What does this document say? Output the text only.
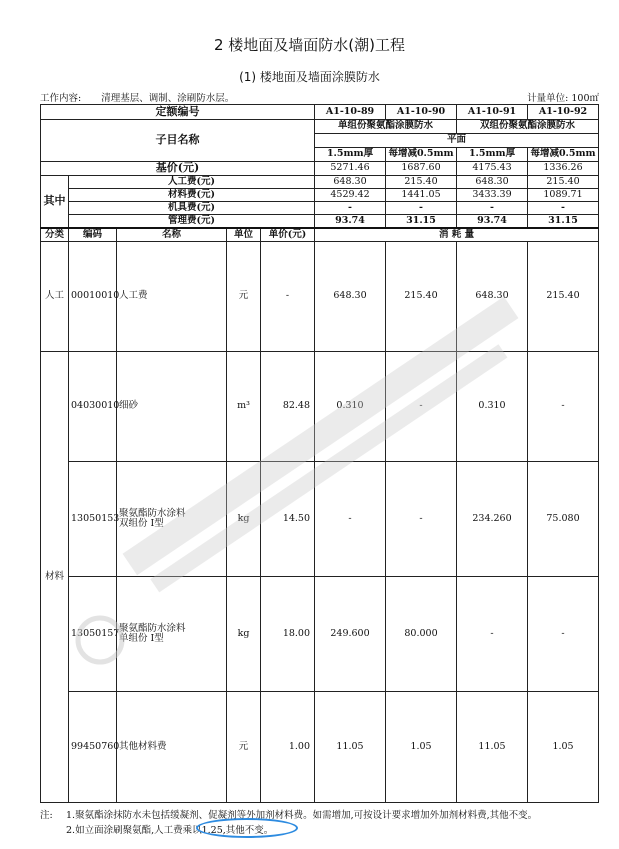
2 楼地面及墙面防水(潮)工程
(1) 楼地面及墙面涂膜防水
工作内容: 清理基层、调制、涂刷防水层。	计量单位: 100㎡
定额编号					A1-10-89	A1-10-90	A1-10-91	A1-10-92
子目名称					单组份聚氨酯涂膜防水		双组份聚氨酯涂膜防水	
					平面			
					1.5mm厚	每增减0.5mm	1.5mm厚	每增减0.5mm
基价(元)					5271.46	1687.60	4175.43	1336.26
其中	人工费(元)				648.30	215.40	648.30	215.40
	材料费(元)				4529.42	1441.05	3433.39	1089.71
	机具费(元)				-	-	-	-
	管理费(元)				93.74	31.15	93.74	31.15
分类	编码	名称	单位	单价(元)	消 耗 量			
人工	00010010	人工费	元	-	648.30	215.40	648.30	215.40
材料	04030010	细砂	m³	82.48	0.310	-	0.310	-
	13050153	聚氨酯防水涂料
双组份 I型	kg	14.50	-	-	234.260	75.080
	13050157	聚氨酯防水涂料
单组份 I型	kg	18.00	249.600	80.000	-	-
	99450760	其他材料费	元	1.00	11.05	1.05	11.05	1.05
注: 1.聚氨酯涂抹防水未包括缓凝剂、促凝剂等外加剂材料费。如需增加,可按设计要求增加外加剂材料费,其他不变。
2.如立面涂刷聚氨酯,人工费乘以1.25,其他不变。
